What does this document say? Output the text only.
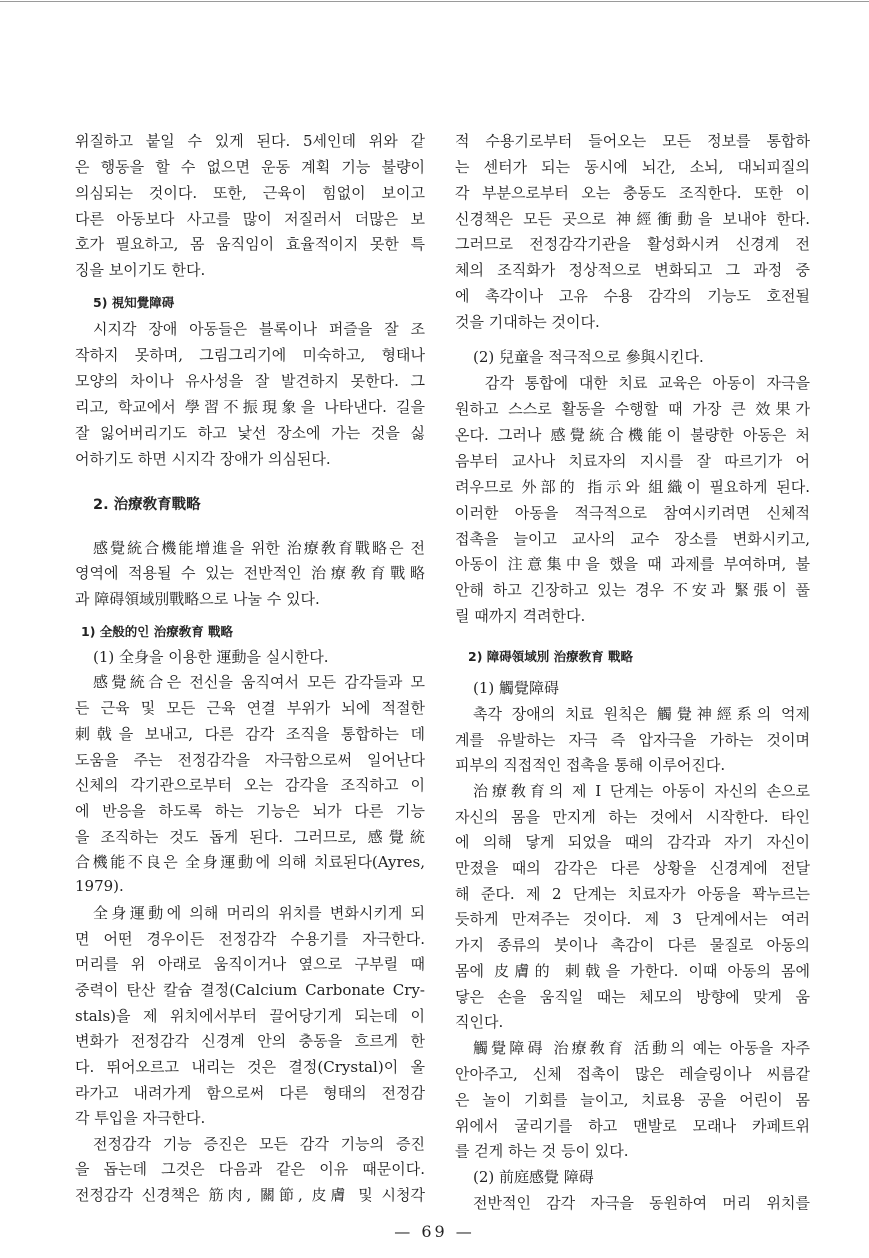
위질하고 붙일 수 있게 된다. 5세인데 위와 같
은 행동을 할 수 없으면 운동 계획 기능 불량이
의심되는 것이다. 또한, 근육이 힘없이 보이고
다른 아동보다 사고를 많이 저질러서 더많은 보
호가 필요하고, 몸 움직임이 효율적이지 못한 특
징을 보이기도 한다.
5) 視知覺障碍
시지각 장애 아동들은 블록이나 퍼즐을 잘 조
작하지 못하며, 그림그리기에 미숙하고, 형태나
모양의 차이나 유사성을 잘 발견하지 못한다. 그
리고, 학교에서 學習不振現象을 나타낸다. 길을
잘 잃어버리기도 하고 낯선 장소에 가는 것을 싫
어하기도 하면 시지각 장애가 의심된다.
2. 治療敎育戰略
感覺統合機能增進을 위한 治療敎育戰略은 전
영역에 적용될 수 있는 전반적인 治療敎育戰略
과 障碍領域別戰略으로 나눌 수 있다.
1) 全般的인 治療敎育 戰略
(1) 全身을 이용한 運動을 실시한다.
感覺統合은 전신을 움직여서 모든 감각들과 모
든 근육 및 모든 근육 연결 부위가 뇌에 적절한
刺戟을 보내고, 다른 감각 조직을 통합하는 데
도움을 주는 전정감각을 자극함으로써 일어난다
신체의 각기관으로부터 오는 감각을 조직하고 이
에 반응을 하도록 하는 기능은 뇌가 다른 기능
을 조직하는 것도 돕게 된다. 그러므로, 感覺統
合機能不良은 全身運動에 의해 치료된다(Ayres,
1979).
全身運動에 의해 머리의 위치를 변화시키게 되
면 어떤 경우이든 전정감각 수용기를 자극한다.
머리를 위 아래로 움직이거나 옆으로 구부릴 때
중력이 탄산 칼슘 결정(Calcium Carbonate Cry-
stals)을 제 위치에서부터 끌어당기게 되는데 이
변화가 전정감각 신경계 안의 충동을 흐르게 한
다. 뛰어오르고 내리는 것은 결정(Crystal)이 올
라가고 내려가게 함으로써 다른 형태의 전정감
각 투입을 자극한다.
전정감각 기능 증진은 모든 감각 기능의 증진
을 돕는데 그것은 다음과 같은 이유 때문이다.
전정감각 신경책은 筋肉, 關節, 皮膚 및 시청각
적 수용기로부터 들어오는 모든 정보를 통합하
는 센터가 되는 동시에 뇌간, 소뇌, 대뇌피질의
각 부분으로부터 오는 충동도 조직한다. 또한 이
신경책은 모든 곳으로 神經衝動을 보내야 한다.
그러므로 전정감각기관을 활성화시켜 신경계 전
체의 조직화가 정상적으로 변화되고 그 과정 중
에 촉각이나 고유 수용 감각의 기능도 호전될
것을 기대하는 것이다.
(2) 兒童을 적극적으로 參與시킨다.
감각 통합에 대한 치료 교육은 아동이 자극을
원하고 스스로 활동을 수행할 때 가장 큰 效果가
온다. 그러나 感覺統合機能이 불량한 아동은 처
음부터 교사나 치료자의 지시를 잘 따르기가 어
려우므로 外部的 指示와 組織이 필요하게 된다.
이러한 아동을 적극적으로 참여시키려면 신체적
접촉을 늘이고 교사의 교수 장소를 변화시키고,
아동이 注意集中을 했을 때 과제를 부여하며, 불
안해 하고 긴장하고 있는 경우 不安과 緊張이 풀
릴 때까지 격려한다.
2) 障碍領域別 治療敎育 戰略
(1) 觸覺障碍
촉각 장애의 치료 원칙은 觸覺神經系의 억제
계를 유발하는 자극 즉 압자극을 가하는 것이며
피부의 직접적인 접촉을 통해 이루어진다.
治療敎育의 제 I 단계는 아동이 자신의 손으로
자신의 몸을 만지게 하는 것에서 시작한다. 타인
에 의해 닿게 되었을 때의 감각과 자기 자신이
만졌을 때의 감각은 다른 상황을 신경계에 전달
해 준다. 제 2 단계는 치료자가 아동을 꽉누르는
듯하게 만져주는 것이다. 제 3 단계에서는 여러
가지 종류의 붓이나 촉감이 다른 물질로 아동의
몸에 皮膚的 刺戟을 가한다. 이때 아동의 몸에
닿은 손을 움직일 때는 체모의 방향에 맞게 움
직인다.
觸覺障碍 治療敎育 活動의 예는 아동을 자주
안아주고, 신체 접촉이 많은 레슬링이나 씨름같
은 놀이 기회를 늘이고, 치료용 공을 어린이 몸
위에서 굴리기를 하고 맨발로 모래나 카페트위
를 걷게 하는 것 등이 있다.
(2) 前庭感覺 障碍
전반적인 감각 자극을 동원하여 머리 위치를
— 69 —
